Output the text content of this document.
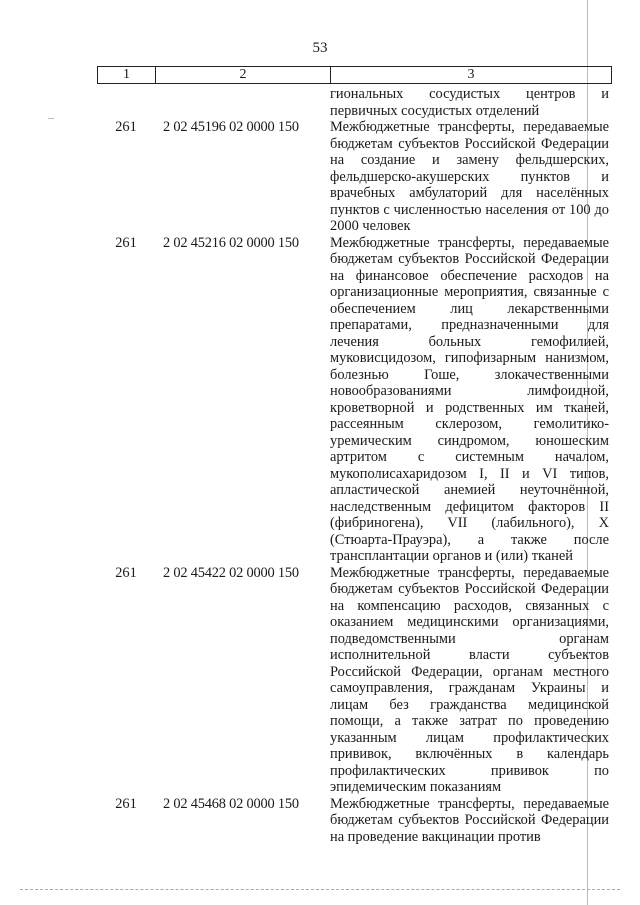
53
1	2	3
гиональных сосудистых центров и первичных сосудистых отделений
261	2 02 45196 02 0000 150	Межбюджетные трансферты, передаваемые бюджетам субъектов Российской Федерации на создание и замену фельдшерских, фельдшерско-акушерских пунктов и врачебных амбулаторий для населённых пунктов с численностью населения от 100 до 2000 человек
261	2 02 45216 02 0000 150	Межбюджетные трансферты, передаваемые бюджетам субъектов Российской Федерации на финансовое обеспечение расходов на организационные мероприятия, связанные с обеспечением лиц лекарственными препаратами, предназначенными для лечения больных гемофилией, муковисцидозом, гипофизарным нанизмом, болезнью Гоше, злокачественными новообразованиями лимфоидной, кроветворной и родственных им тканей, рассеянным склерозом, гемолитико-уремическим синдромом, юношеским артритом с системным началом, мукополисахаридозом I, II и VI типов, апластической анемией неуточнённой, наследственным дефицитом факторов II (фибриногена), VII (лабильного), X (Стюарта-Прауэра), а также после трансплантации органов и (или) тканей
261	2 02 45422 02 0000 150	Межбюджетные трансферты, передаваемые бюджетам субъектов Российской Федерации на компенсацию расходов, связанных с оказанием медицинскими организациями, подведомственными органам исполнительной власти субъектов Российской Федерации, органам местного самоуправления, гражданам Украины и лицам без гражданства медицинской помощи, а также затрат по проведению указанным лицам профилактических прививок, включённых в календарь профилактических прививок по эпидемическим показаниям
261	2 02 45468 02 0000 150	Межбюджетные трансферты, передаваемые бюджетам субъектов Российской Федерации на проведение вакцинации против
